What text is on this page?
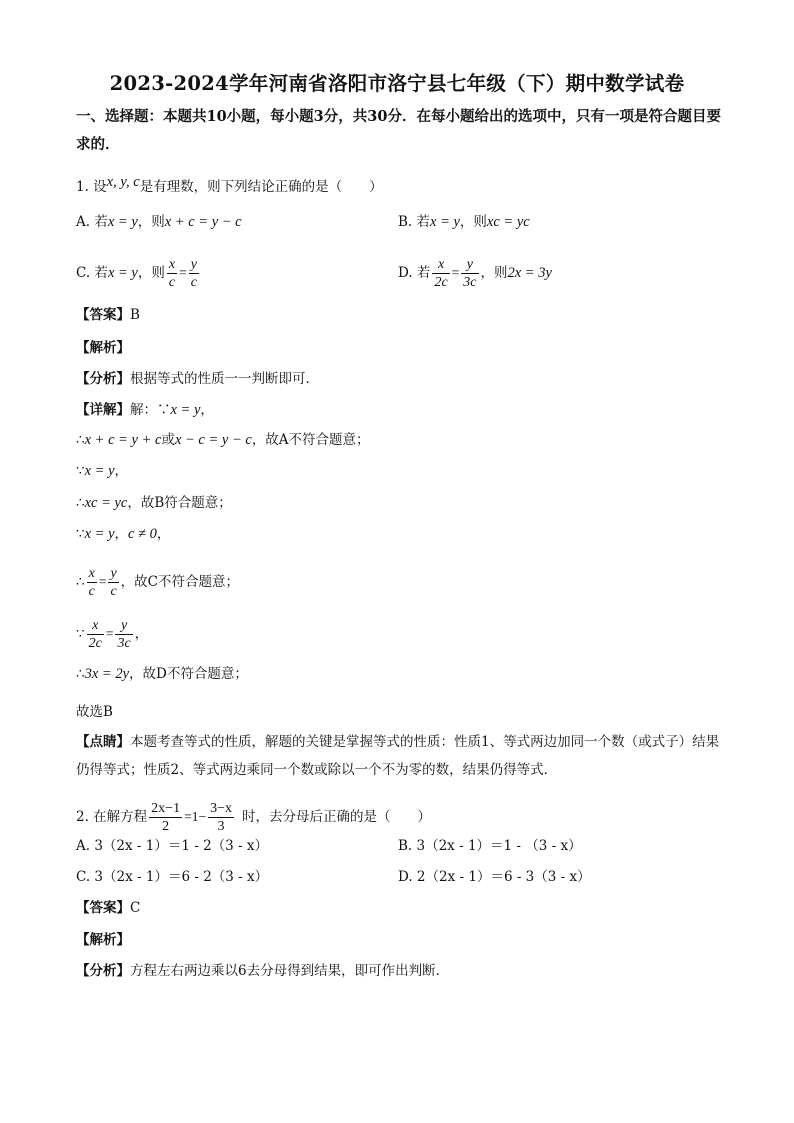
2023-2024学年河南省洛阳市洛宁县七年级（下）期中数学试卷
一、选择题：本题共10小题，每小题3分，共30分．在每小题给出的选项中，只有一项是符合题目要求的．
1. 设x, y, c是有理数，则下列结论正确的是（　　）
A. 若x = y，则x + c = y − c	B. 若x = y，则xc = yc
C. 若x = y，则 $\frac{x}{c} = \frac{y}{c}$	D. 若 $\frac{x}{2c} = \frac{y}{3c}$ ，则2x = 3y
【答案】B
【解析】
【分析】根据等式的性质一一判断即可．
【详解】解：∵x = y，
∴x + c = y + c或x − c = y − c，故A不符合题意；
∵x = y，
∴xc = yc，故B符合题意；
∵x = y，c ≠ 0，
∴ $\frac{x}{c} = \frac{y}{c}$ ，故C不符合题意；
∵ $\frac{x}{2c} = \frac{y}{3c}$ ，
∴3x = 2y，故D不符合题意；
故选B
【点睛】本题考查等式的性质，解题的关键是掌握等式的性质：性质1、等式两边加同一个数（或式子）结果仍得等式；性质2、等式两边乘同一个数或除以一个不为零的数，结果仍得等式．
2. 在解方程 $\frac{2x-1}{2} =1- \frac{3-x}{3}$ 时，去分母后正确的是（　　）
A. 3（2x - 1）＝1 - 2（3 - x）	B. 3（2x - 1）＝1 - （3 - x）
C. 3（2x - 1）＝6 - 2（3 - x）	D. 2（2x - 1）＝6 - 3（3 - x）
【答案】C
【解析】
【分析】方程左右两边乘以6去分母得到结果，即可作出判断．
